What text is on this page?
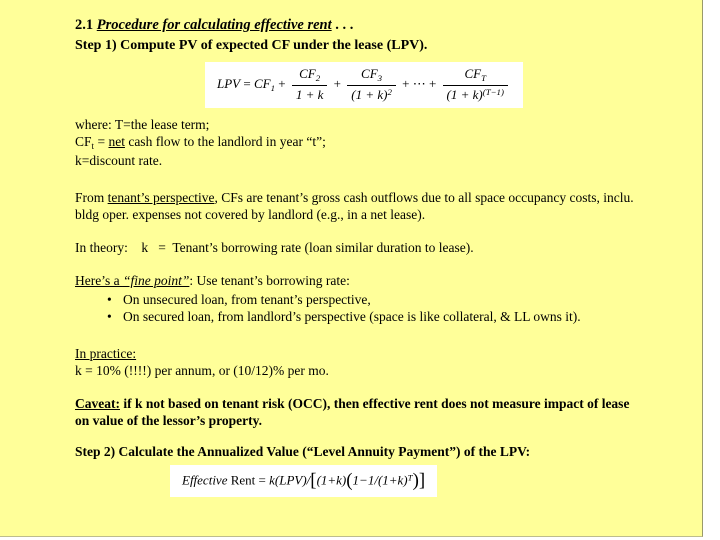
2.1 Procedure for calculating effective rent . . .
Step 1) Compute PV of expected CF under the lease (LPV).
LPV = $CF_1 + \frac{CF_2}{1 + k} + \frac{CF_3}{(1 + k)^2}$ + ⋯ + $\frac{CF_T}{(1 + k)^{(T-1)}}$
where: T=the lease term;
$CF_t$ = net cash flow to the landlord in year “t”;
k=discount rate.
From tenant’s perspective, CFs are tenant’s gross cash outflows due to all space occupancy costs, inclu. bldg oper. expenses not covered by landlord (e.g., in a net lease).
In theory:    k   =  Tenant’s borrowing rate (loan similar duration to lease).
Here’s a “fine point”: Use tenant’s borrowing rate:
• On unsecured loan, from tenant’s perspective,
• On secured loan, from landlord’s perspective (space is like collateral, & LL owns it).
In practice:
k = 10% (!!!!) per annum, or (10/12)% per mo.
Caveat: if k not based on tenant risk (OCC), then effective rent does not measure impact of lease on value of the lessor’s property.
Step 2) Calculate the Annualized Value (“Level Annuity Payment”) of the LPV:
Effective Rent = $k(LPV)/[(1+k)(1-1/(1+k)^T)]$
